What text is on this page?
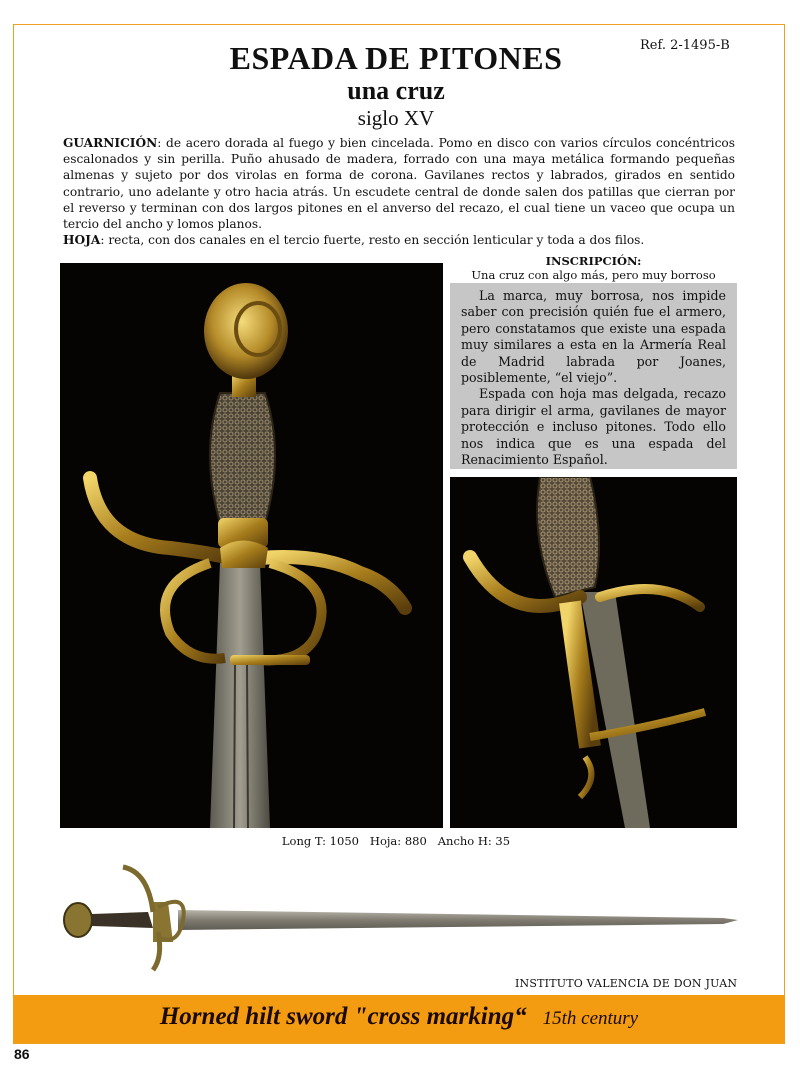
Ref. 2-1495-B
ESPADA DE PITONES
una cruz
siglo XV

GUARNICIÓN: de acero dorada al fuego y bien cincelada. Pomo en disco con varios círculos concéntricos escalonados y sin perilla. Puño ahusado de madera, forrado con una maya metálica formando pequeñas almenas y sujeto por dos virolas en forma de corona. Gavilanes rectos y labrados, girados en sentido contrario, uno adelante y otro hacia atrás. Un escudete central de donde salen dos patillas que cierran por el reverso y terminan con dos largos pitones en el anverso del recazo, el cual tiene un vaceo que ocupa un tercio del ancho y lomos planos.

HOJA: recta, con dos canales en el tercio fuerte, resto en sección lenticular y toda a dos filos.

INSCRIPCIÓN:
Una cruz con algo más, pero muy borroso

La marca, muy borrosa, nos impide saber con precisión quién fue el armero, pero constatamos que existe una espada muy similares a esta en la Armería Real de Madrid labrada por Joanes, posiblemente, “el viejo”.

Espada con hoja mas delgada, recazo para dirigir el arma, gavilanes de mayor protección e incluso pitones. Todo ello nos indica que es una espada del Renacimiento Español.

Long T: 1050   Hoja: 880   Ancho H: 35
INSTITUTO VALENCIA DE DON JUAN
Horned hilt sword "cross marking“ 15th century
86
